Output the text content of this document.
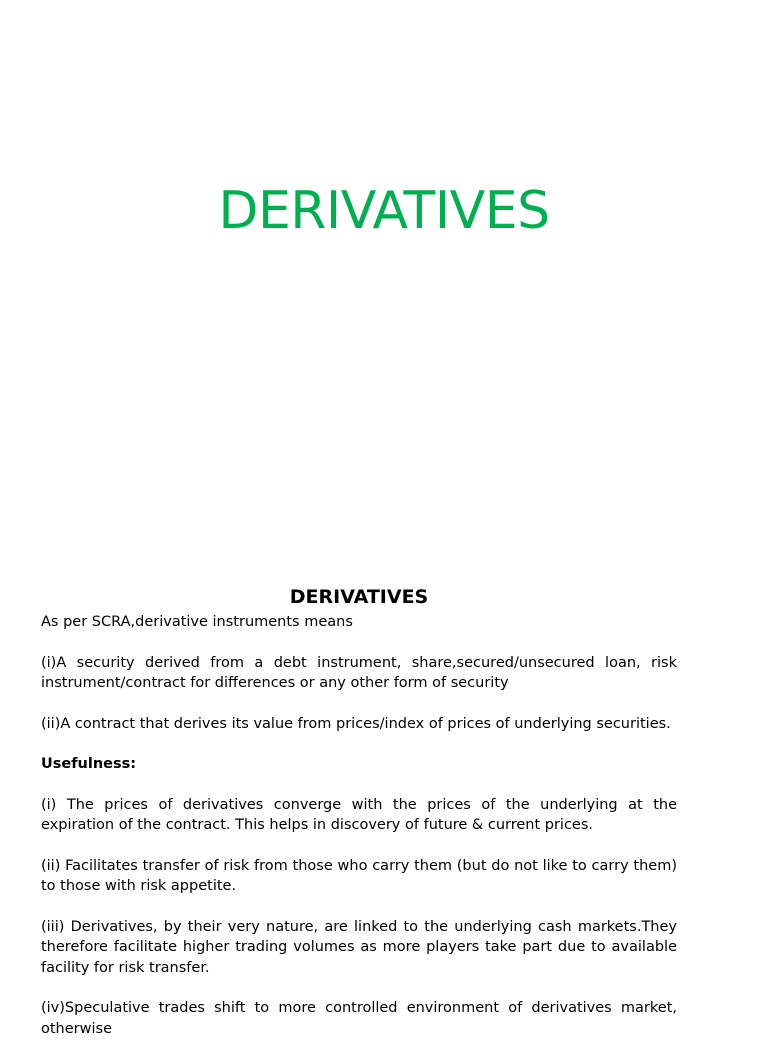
DERIVATIVES
DERIVATIVES

As per SCRA,derivative instruments means

(i)A security derived from a debt instrument, share,secured/unsecured loan, risk instrument/contract for differences or any other form of security

(ii)A contract that derives its value from prices/index of prices of underlying securities.

Usefulness:

(i) The prices of derivatives converge with the prices of the underlying at the expiration of the contract. This helps in discovery of future & current prices.

(ii) Facilitates transfer of risk from those who carry them (but do not like to carry them) to those with risk appetite.

(iii) Derivatives, by their very nature, are linked to the underlying cash markets.They therefore facilitate higher trading volumes as more players take part due to available facility for risk transfer.

(iv)Speculative trades shift to more controlled environment of derivatives market, otherwise
